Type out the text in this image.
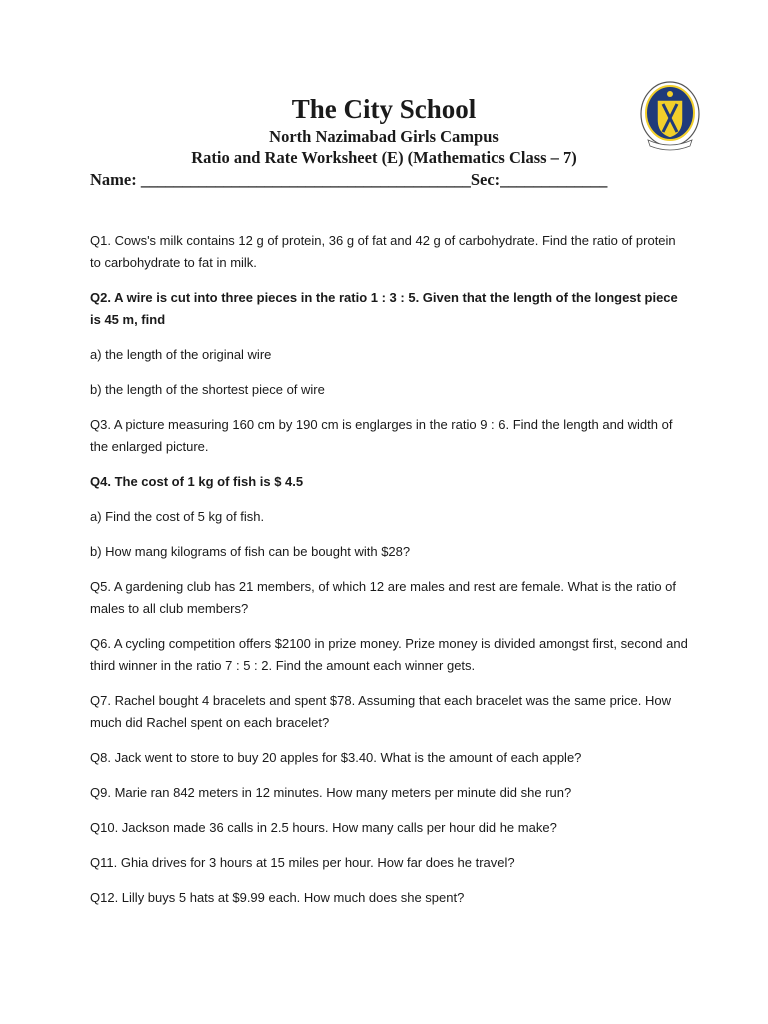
The City School
North Nazimabad Girls Campus
Ratio and Rate Worksheet (E) (Mathematics Class – 7)
Name: ________________________________________Sec:_____________

Q1. Cows's milk contains 12 g of protein, 36 g of fat and 42 g of carbohydrate. Find the ratio of protein to carbohydrate to fat in milk.

Q2. A wire is cut into three pieces in the ratio 1 : 3 : 5. Given that the length of the longest piece is 45 m, find

a) the length of the original wire

b) the length of the shortest piece of wire

Q3. A picture measuring 160 cm by 190 cm is englarges in the ratio 9 : 6. Find the length and width of the enlarged picture.

Q4. The cost of 1 kg of fish is $ 4.5

a) Find the cost of 5 kg of fish.

b) How mang kilograms of fish can be bought with $28?

Q5. A gardening club has 21 members, of which 12 are males and rest are female. What is the ratio of males to all club members?

Q6. A cycling competition offers $2100 in prize money. Prize money is divided amongst first, second and third winner in the ratio 7 : 5 : 2. Find the amount each winner gets.

Q7. Rachel bought 4 bracelets and spent $78. Assuming that each bracelet was the same price. How much did Rachel spent on each bracelet?

Q8. Jack went to store to buy 20 apples for $3.40. What is the amount of each apple?

Q9. Marie ran 842 meters in 12 minutes. How many meters per minute did she run?

Q10. Jackson made 36 calls in 2.5 hours. How many calls per hour did he make?

Q11. Ghia drives for 3 hours at 15 miles per hour. How far does he travel?

Q12. Lilly buys 5 hats at $9.99 each. How much does she spent?
